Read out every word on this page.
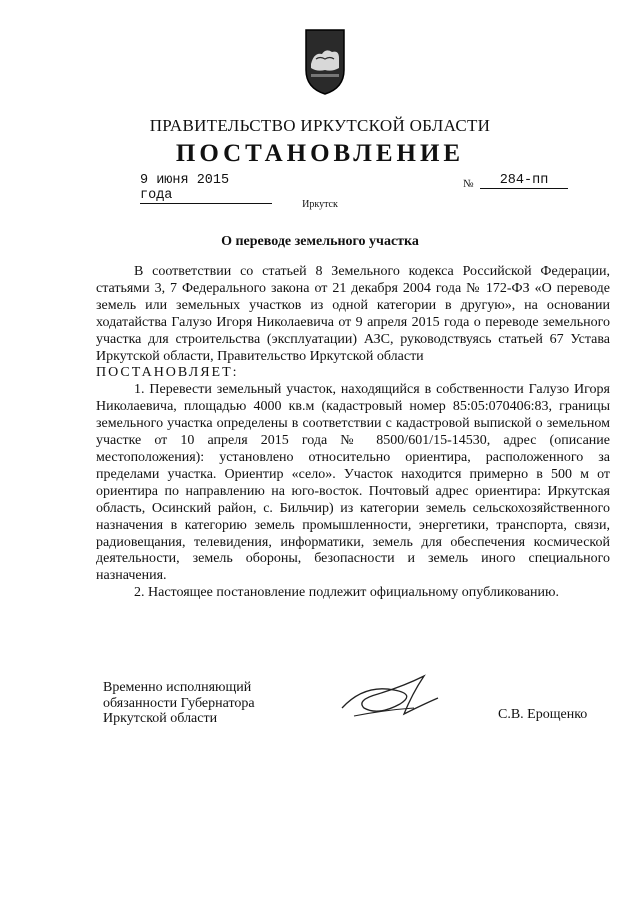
ПРАВИТЕЛЬСТВО ИРКУТСКОЙ ОБЛАСТИ
ПОСТАНОВЛЕНИЕ
9 июня 2015 года
№	284-пп
Иркутск
О переводе земельного участка

В соответствии со статьей 8 Земельного кодекса Российской Федерации, статьями 3, 7 Федерального закона от 21 декабря 2004 года № 172-ФЗ «О переводе земель или земельных участков из одной категории в другую», на основании ходатайства Галузо Игоря Николаевича от 9 апреля 2015 года о переводе земельного участка для строительства (эксплуатации) АЗС, руководствуясь статьей 67 Устава Иркутской области, Правительство Иркутской области

ПОСТАНОВЛЯЕТ:

1. Перевести земельный участок, находящийся в собственности Галузо Игоря Николаевича, площадью 4000 кв.м (кадастровый номер 85:05:070406:83, границы земельного участка определены в соответствии с кадастровой выпиской о земельном участке от 10 апреля 2015 года № 8500/601/15-14530, адрес (описание местоположения): установлено относительно ориентира, расположенного за пределами участка. Ориентир «село». Участок находится примерно в 500 м от ориентира по направлению на юго-восток. Почтовый адрес ориентира: Иркутская область, Осинский район, с. Бильчир) из категории земель сельскохозяйственного назначения в категорию земель промышленности, энергетики, транспорта, связи, радиовещания, телевидения, информатики, земель для обеспечения космической деятельности, земель обороны, безопасности и земель иного специального назначения.

2. Настоящее постановление подлежит официальному опубликованию.

Временно исполняющий
обязанности Губернатора
Иркутской области	С.В. Ерощенко
